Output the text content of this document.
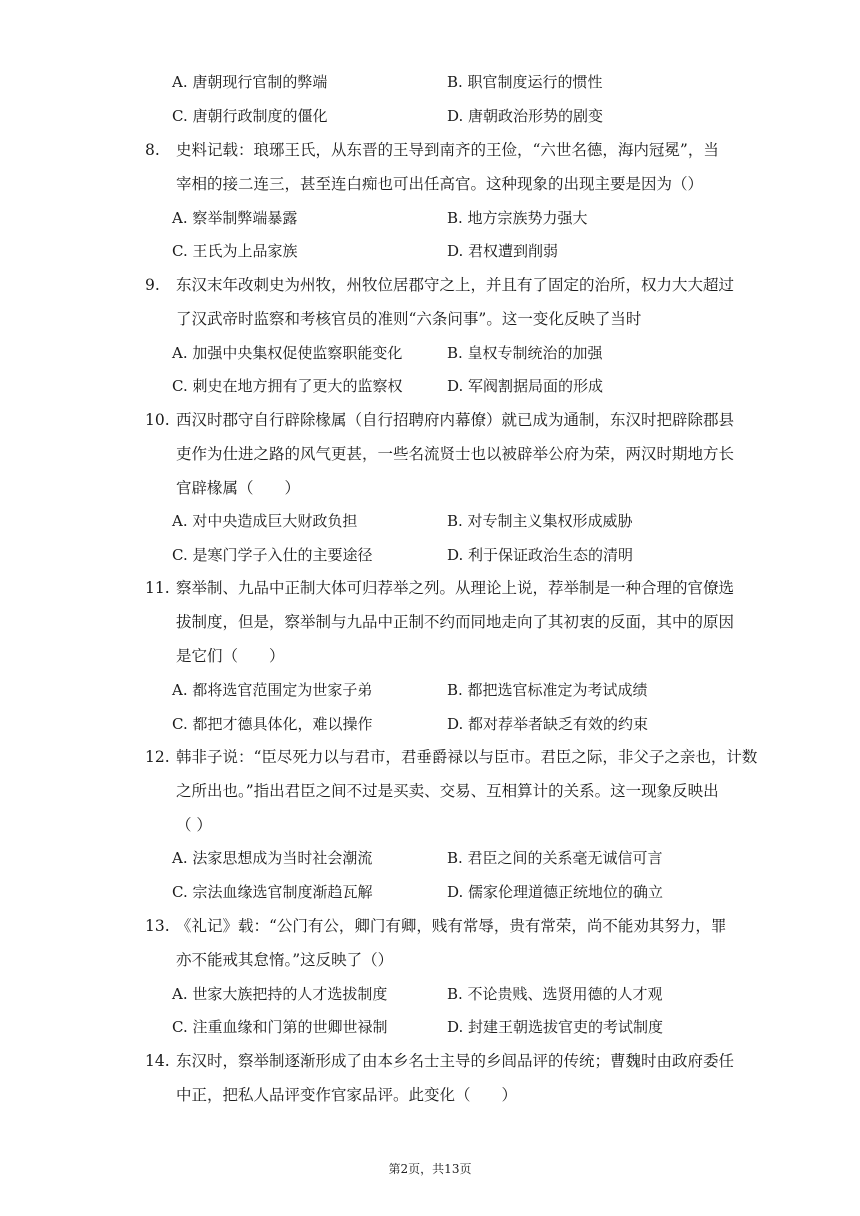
A. 唐朝现行官制的弊端	B. 职官制度运行的惯性
C. 唐朝行政制度的僵化	D. 唐朝政治形势的剧变
8. 史料记载：琅琊王氏，从东晋的王导到南齐的王俭，“六世名德，海内冠冕”，当
宰相的接二连三，甚至连白痴也可出任高官。这种现象的出现主要是因为（）
A. 察举制弊端暴露	B. 地方宗族势力强大
C. 王氏为上品家族	D. 君权遭到削弱
9. 东汉末年改刺史为州牧，州牧位居郡守之上，并且有了固定的治所，权力大大超过
了汉武帝时监察和考核官员的准则“六条问事”。这一变化反映了当时
A. 加强中央集权促使监察职能变化	B. 皇权专制统治的加强
C. 刺史在地方拥有了更大的监察权	D. 军阀割据局面的形成
10. 西汉时郡守自行辟除椽属（自行招聘府内幕僚）就已成为通制，东汉时把辟除郡县
吏作为仕进之路的风气更甚，一些名流贤士也以被辟举公府为荣，两汉时期地方长
官辟椽属（　　）
A. 对中央造成巨大财政负担	B. 对专制主义集权形成威胁
C. 是寒门学子入仕的主要途径	D. 利于保证政治生态的清明
11. 察举制、九品中正制大体可归荐举之列。从理论上说，荐举制是一种合理的官僚选
拔制度，但是，察举制与九品中正制不约而同地走向了其初衷的反面，其中的原因
是它们（　　）
A. 都将选官范围定为世家子弟	B. 都把选官标准定为考试成绩
C. 都把才德具体化，难以操作	D. 都对荐举者缺乏有效的约束
12. 韩非子说：“臣尽死力以与君市，君垂爵禄以与臣市。君臣之际，非父子之亲也，计数
之所出也。”指出君臣之间不过是买卖、交易、互相算计的关系。这一现象反映出
（ ）
A. 法家思想成为当时社会潮流	B. 君臣之间的关系毫无诚信可言
C. 宗法血缘选官制度渐趋瓦解	D. 儒家伦理道德正统地位的确立
13. 《礼记》载：“公门有公，卿门有卿，贱有常辱，贵有常荣，尚不能劝其努力，罪
亦不能戒其怠惰。”这反映了（）
A. 世家大族把持的人才选拔制度	B. 不论贵贱、选贤用德的人才观
C. 注重血缘和门第的世卿世禄制	D. 封建王朝选拔官吏的考试制度
14. 东汉时，察举制逐渐形成了由本乡名士主导的乡闾品评的传统；曹魏时由政府委任
中正，把私人品评变作官家品评。此变化（　　）
第2页，共13页
